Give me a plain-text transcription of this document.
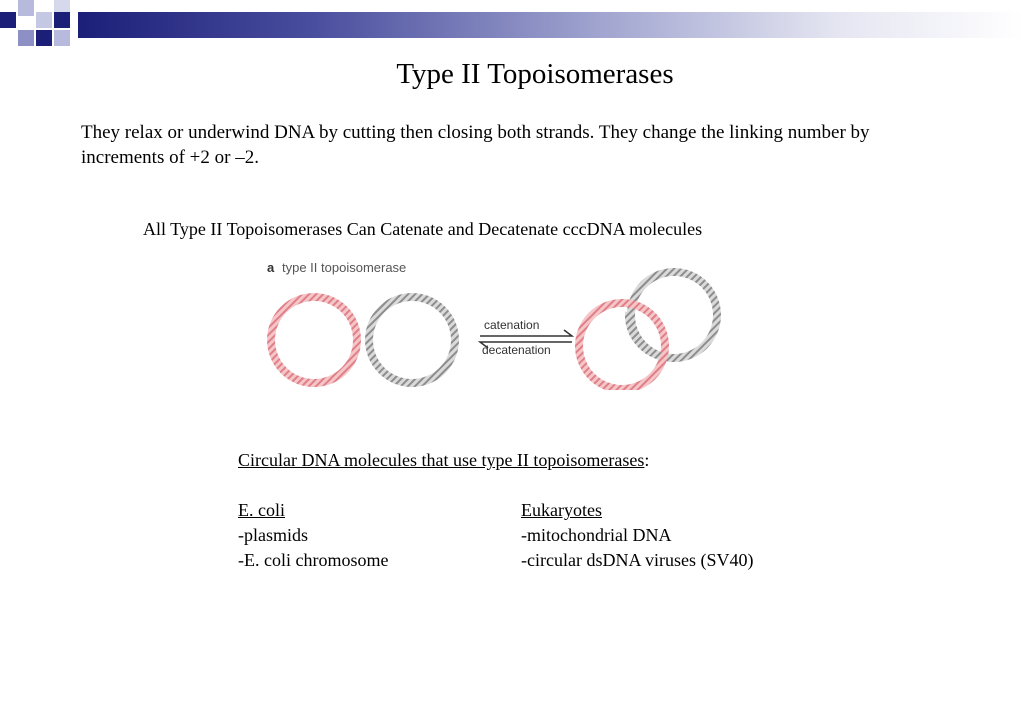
Type II Topoisomerases
They relax or underwind DNA by cutting then closing both strands. They change the linking number by increments of +2 or –2.
All Type II Topoisomerases Can Catenate and Decatenate cccDNA molecules
a type II topoisomerase
catenation
decatenation
Circular DNA molecules that use type II topoisomerases:
E. coli	Eukaryotes
-plasmids	-mitochondrial DNA
-E. coli chromosome	-circular dsDNA viruses (SV40)
